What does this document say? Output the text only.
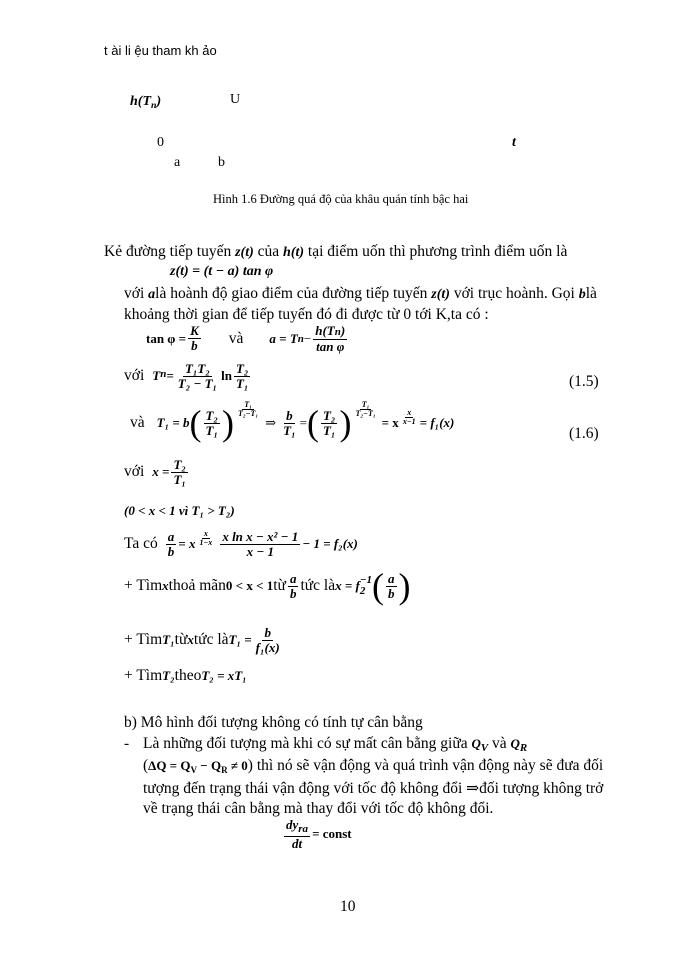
t ài li ệu tham kh ảo
$h(T_n)$	U
0	t
a	b
Hình 1.6 Đường quá độ của khâu quán tính bậc hai
Kẻ đường tiếp tuyến z(t) của h(t) tại điểm uốn thì phương trình điểm uốn là
z(t) = (t − a) tan φ
với alà hoành độ giao điểm của đường tiếp tuyến z(t) với trục hoành. Gọi blà
khoảng thời gian để tiếp tuyến đó đi được từ 0 tới K,ta có :
$\tan \varphi = \frac{K}{b}$ và a = T $n - \frac{h(Tn)}{\text{tan φ}}$
với T $n = \frac{\text{T₁T₂}}{\text{T₂ − T₁}}$ $\ln \frac{\text{T₂}}{\text{T₁}}$	(1.5)
và T₁ = b ( $\frac{\text{T₂}}{\text{T₁}}$ ) $\frac{\text{T₁}}{\text{T₂−T₁}}$
⇒ $\frac{b}{\text{T₁}}$ = ( $\frac{\text{T₂}}{\text{T₁}}$ ) $\frac{\text{T₁}}{\text{T₂−T₁}}$
= x $\frac{x}{x-1} = f_1(x)$
(1.6)
với $x = \frac{\text{T₂}}{\text{T₁}}$
(0 < x < 1 vì T₁ > T₂)
Ta có $\frac{a}{b} = x \frac{x}{1-x} \frac{\text{x ln x − x² − 1}}{x - 1} - 1 = f_2(x)$
+ Tìm x thoả mãn 0 < x < 1 từ $\frac{a}{b}$ tức là x = f −1
2 ( $\frac{a}{b}$ )
+ Tìm T₁ từ x tức là $T_1 = \frac{b}{\text{f₁(x)}}$
+ Tìm T₂ theo T₂ = xT₁
b) Mô hình đối tượng không có tính tự cân bằng
- Là những đối tượng mà khi có sự mất cân bằng giữa $Q_V$ và $Q_R$
$(\Delta Q = Q_V - Q_R \ne 0)$ thì nó sẽ vận động và quá trình vận động này sẽ đưa đối
tượng đến trạng thái vận động với tốc độ không đổi ⇒đối tượng không trở
về trạng thái cân bằng mà thay đổi với tốc độ không đổi.
$\frac{dy_{ra}}{dt}$ = const
10
